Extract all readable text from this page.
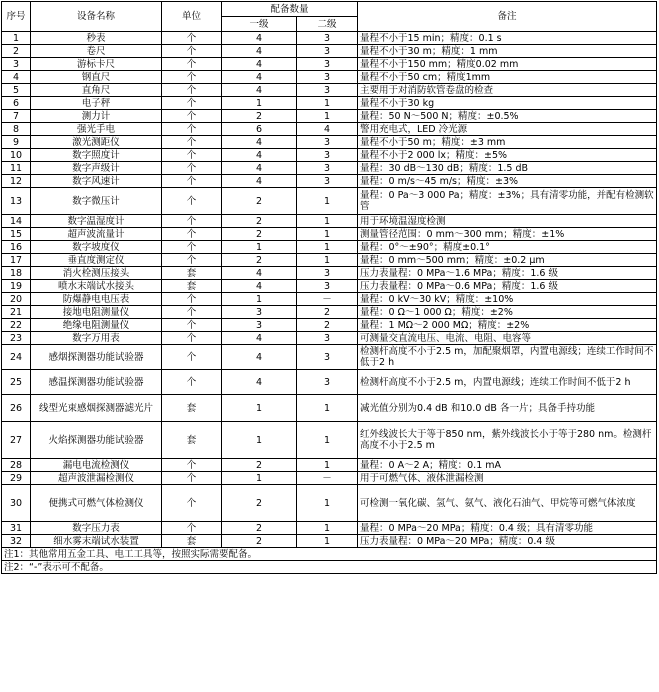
序号	设备名称	单位	配备数量		备注
			一级	二级	
1	秒表	个	4	3	量程不小于15 min；精度：0.1 s
2	卷尺	个	4	3	量程不小于30 m；精度：1 mm
3	游标卡尺	个	4	3	量程不小于150 mm；精度0.02 mm
4	钢直尺	个	4	3	量程不小于50 cm；精度1mm
5	直角尺	个	4	3	主要用于对消防软管卷盘的检查
6	电子秤	个	1	1	量程不小于30 kg
7	测力计	个	2	1	量程：50 N～500 N；精度：±0.5%
8	强光手电	个	6	4	警用充电式，LED 冷光源
9	激光测距仪	个	4	3	量程不小于50 m；精度：±3 mm
10	数字照度计	个	4	3	量程不小于2 000 lx；精度：±5%
11	数字声级计	个	4	3	量程：30 dB～130 dB；精度：1.5 dB
12	数字风速计	个	4	3	量程：0 m/s～45 m/s；精度：±3%
13	数字微压计	个	2	1	量程：0 Pa～3 000 Pa；精度：±3%；具有清零功能，并配有检测软管
14	数字温湿度计	个	2	1	用于环境温湿度检测
15	超声波流量计	个	2	1	测量管径范围：0 mm～300 mm；精度：±1%
16	数字坡度仪	个	1	1	量程：0°～±90°；精度±0.1°
17	垂直度测定仪	个	2	1	量程：0 mm～500 mm；精度：±0.2 μm
18	消火栓测压接头	套	4	3	压力表量程：0 MPa～1.6 MPa；精度：1.6 级
19	喷水末端试水接头	套	4	3	压力表量程：0 MPa～0.6 MPa；精度：1.6 级
20	防爆静电电压表	个	1	－	量程：0 kV～30 kV；精度：±10%
21	接地电阻测量仪	个	3	2	量程：0 Ω～1 000 Ω；精度：±2%
22	绝缘电阻测量仪	个	3	2	量程：1 MΩ～2 000 MΩ；精度：±2%
23	数字万用表	个	4	3	可测量交直流电压、电流、电阻、电容等
24	感烟探测器功能试验器	个	4	3	检测杆高度不小于2.5 m，加配聚烟罩，内置电源线；连续工作时间不低于2 h
25	感温探测器功能试验器	个	4	3	检测杆高度不小于2.5 m，内置电源线；连续工作时间不低于2 h
26	线型光束感烟探测器滤光片	套	1	1	减光值分别为0.4 dB 和10.0 dB 各一片；具备手持功能
27	火焰探测器功能试验器	套	1	1	红外线波长大于等于850 nm，紫外线波长小于等于280 nm。检测杆高度不小于2.5 m
28	漏电电流检测仪	个	2	1	量程：0 A～2 A；精度：0.1 mA
29	超声波泄漏检测仪	个	1	－	用于可燃气体、液体泄漏检测
30	便携式可燃气体检测仪	个	2	1	可检测一氧化碳、氢气、氨气、液化石油气、甲烷等可燃气体浓度
31	数字压力表	个	2	1	量程：0 MPa～20 MPa；精度：0.4 级；具有清零功能
32	细水雾末端试水装置	套	2	1	压力表量程：0 MPa～20 MPa；精度：0.4 级
注1：其他常用五金工具、电工工具等，按照实际需要配备。					
注2：“-”表示可不配备。					
